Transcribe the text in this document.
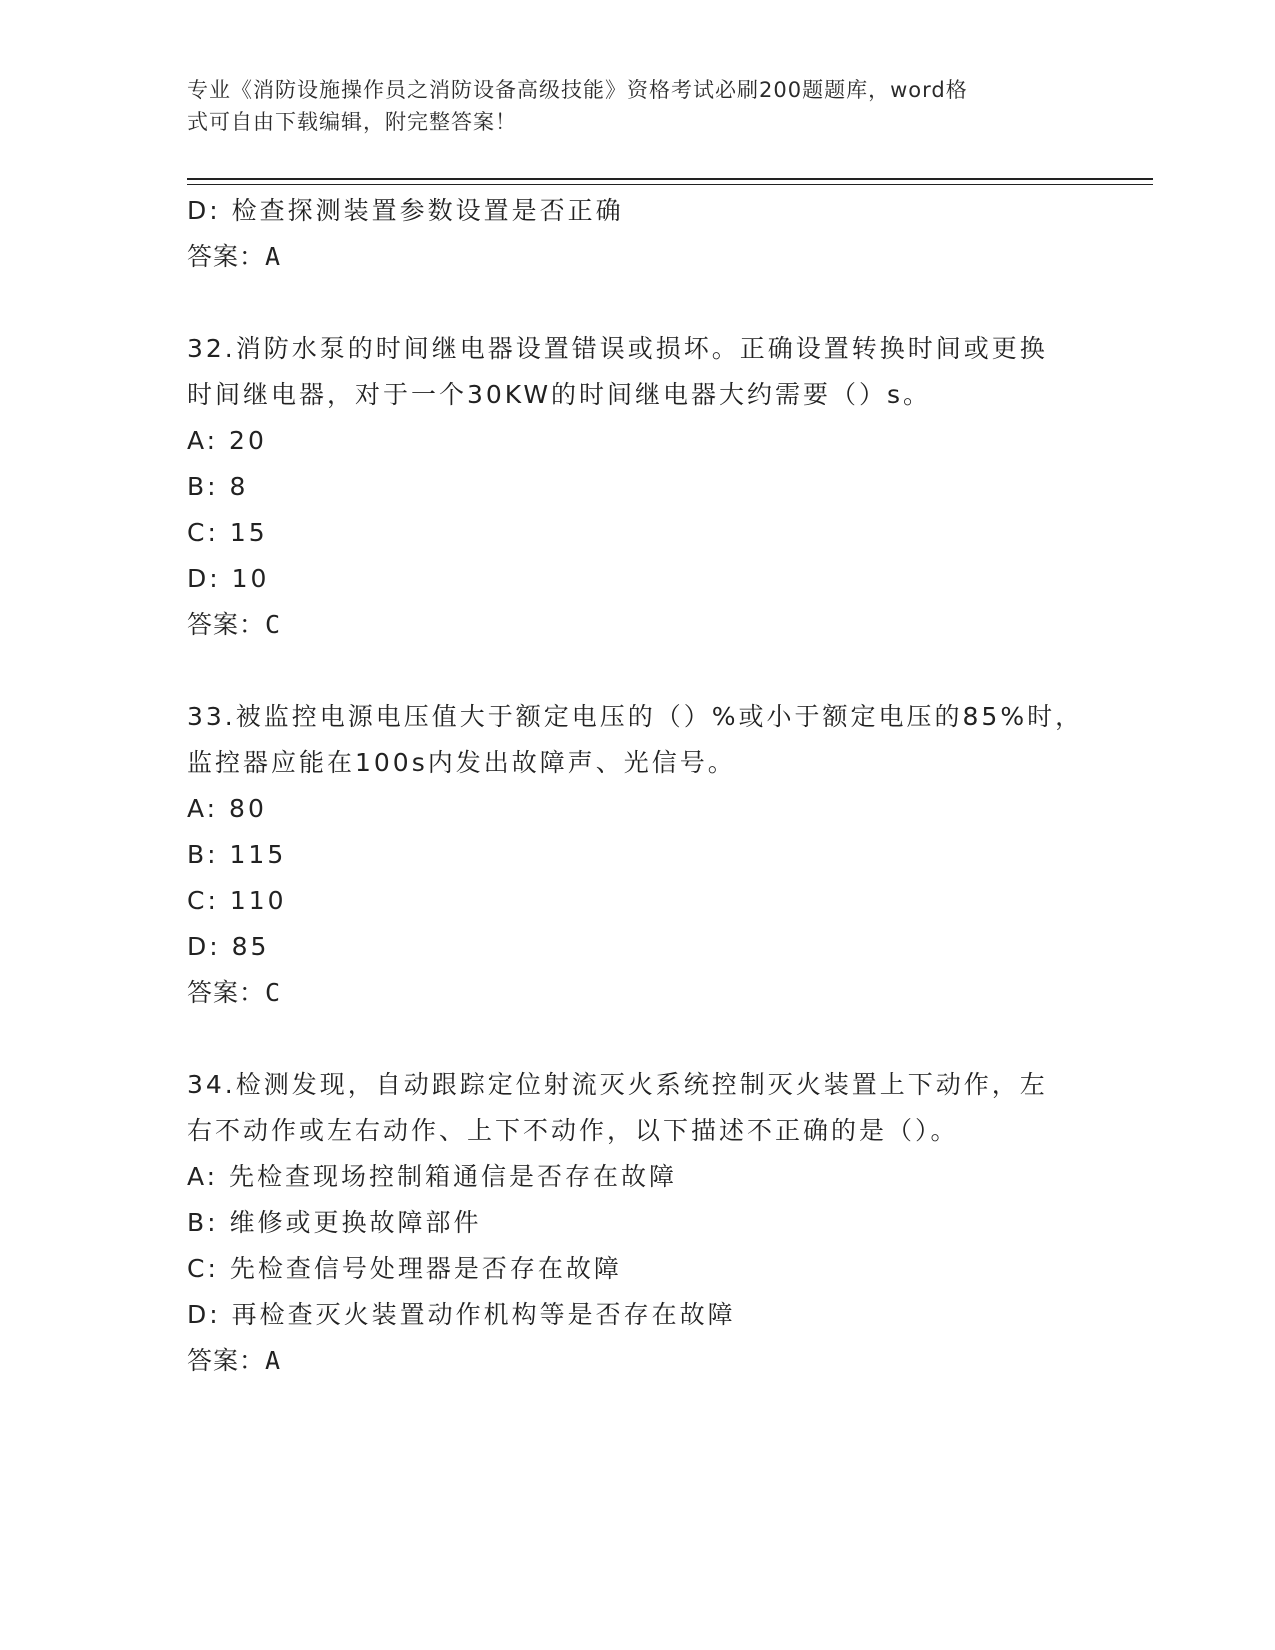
专业《消防设施操作员之消防设备高级技能》资格考试必刷200题题库，word格
式可自由下载编辑，附完整答案！
D: 检查探测装置参数设置是否正确
答案：A
32.消防水泵的时间继电器设置错误或损坏。正确设置转换时间或更换
时间继电器，对于一个30KW的时间继电器大约需要（）s。
A: 20
B: 8
C: 15
D: 10
答案：C
33.被监控电源电压值大于额定电压的（）%或小于额定电压的85%时，
监控器应能在100s内发出故障声、光信号。
A: 80
B: 115
C: 110
D: 85
答案：C
34.检测发现，自动跟踪定位射流灭火系统控制灭火装置上下动作，左
右不动作或左右动作、上下不动作，以下描述不正确的是（）。
A: 先检查现场控制箱通信是否存在故障
B: 维修或更换故障部件
C: 先检查信号处理器是否存在故障
D: 再检查灭火装置动作机构等是否存在故障
答案：A
